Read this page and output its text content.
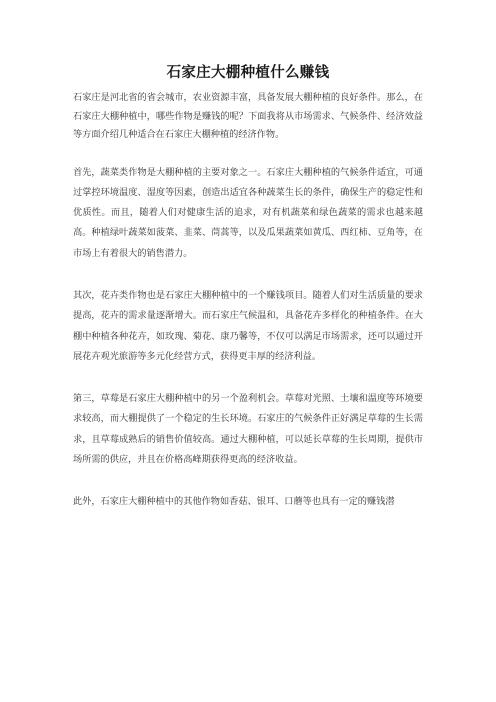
石家庄大棚种植什么赚钱

石家庄是河北省的省会城市，农业资源丰富，具备发展大棚种植的良好条件。那么，在石家庄大棚种植中，哪些作物是赚钱的呢？下面我将从市场需求、气候条件、经济效益等方面介绍几种适合在石家庄大棚种植的经济作物。

首先，蔬菜类作物是大棚种植的主要对象之一。石家庄大棚种植的气候条件适宜，可通过掌控环境温度、湿度等因素，创造出适宜各种蔬菜生长的条件，确保生产的稳定性和优质性。而且，随着人们对健康生活的追求，对有机蔬菜和绿色蔬菜的需求也越来越高。种植绿叶蔬菜如菠菜、韭菜、茼蒿等，以及瓜果蔬菜如黄瓜、西红柿、豆角等，在市场上有着很大的销售潜力。

其次，花卉类作物也是石家庄大棚种植中的一个赚钱项目。随着人们对生活质量的要求提高，花卉的需求量逐渐增大。而石家庄气候温和，具备花卉多样化的种植条件。在大棚中种植各种花卉，如玫瑰、菊花、康乃馨等，不仅可以满足市场需求，还可以通过开展花卉观光旅游等多元化经营方式，获得更丰厚的经济利益。

第三，草莓是石家庄大棚种植中的另一个盈利机会。草莓对光照、土壤和温度等环境要求较高，而大棚提供了一个稳定的生长环境。石家庄的气候条件正好满足草莓的生长需求，且草莓成熟后的销售价值较高。通过大棚种植，可以延长草莓的生长周期，提供市场所需的供应，并且在价格高峰期获得更高的经济收益。

此外，石家庄大棚种植中的其他作物如香菇、银耳、口蘑等也具有一定的赚钱潜
